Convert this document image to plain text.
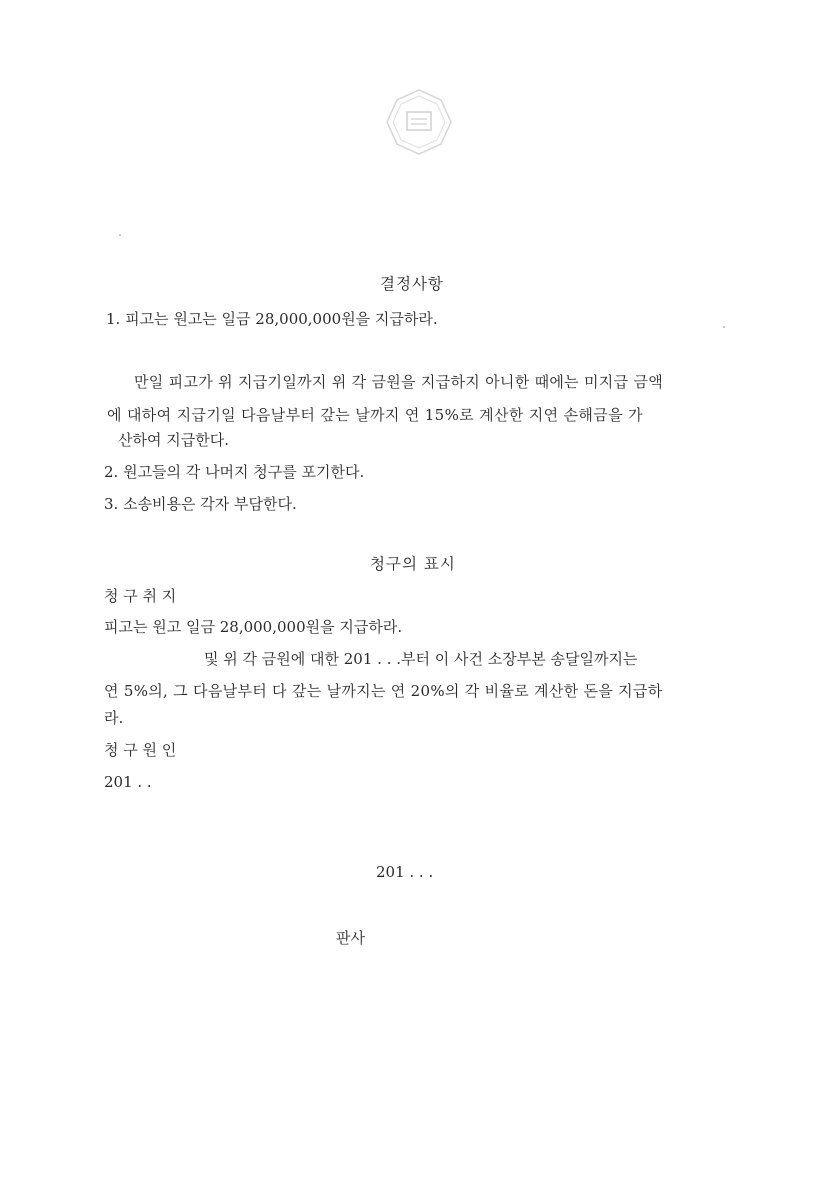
결정사항

1. 피고는 원고는 일금 28,000,000원을 지급하라.

만일 피고가 위 지급기일까지 위 각 금원을 지급하지 아니한 때에는 미지급 금액

에 대하여 지급기일 다음날부터 갚는 날까지 연 15%로 계산한 지연 손해금을 가

산하여 지급한다.

2. 원고들의 각 나머지 청구를 포기한다.

3. 소송비용은 각자 부담한다.

청구의 표시

청 구 취 지

피고는 원고 일금 28,000,000원을 지급하라.

및 위 각 금원에 대한 201 . . .부터 이 사건 소장부본 송달일까지는

연 5%의, 그 다음날부터 다 갚는 날까지는 연 20%의 각 비율로 계산한 돈을 지급하

라.

청 구 원 인

201 . .

201 . . .

판사
